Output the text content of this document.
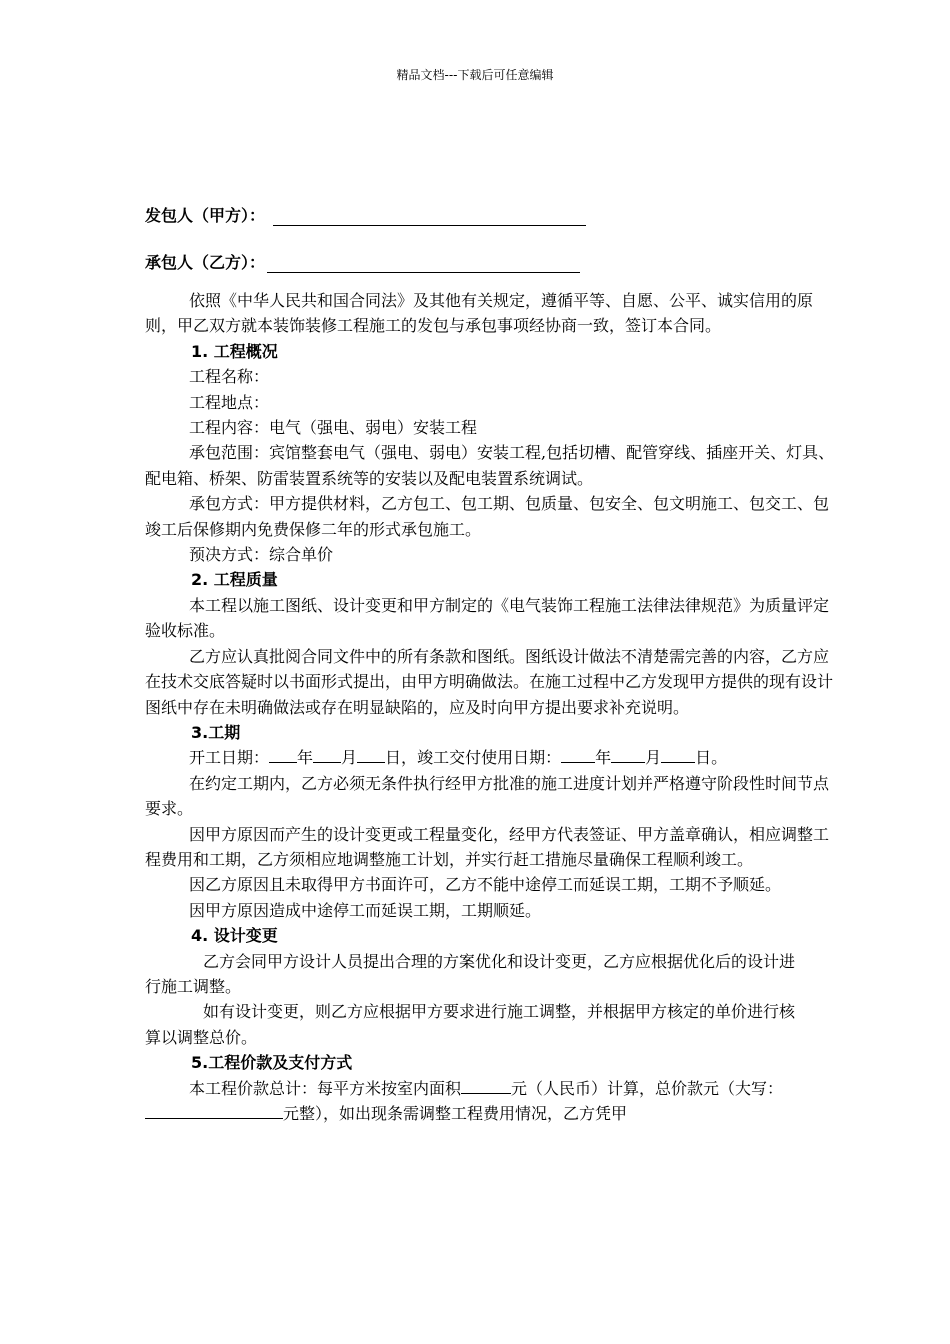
精品文档---下载后可任意编辑
发包人（甲方）：
承包人（乙方）：

依照《中华人民共和国合同法》及其他有关规定，遵循平等、自愿、公平、诚实信用的原则，甲乙双方就本装饰装修工程施工的发包与承包事项经协商一致，签订本合同。

1. 工程概况

工程名称：

工程地点：

工程内容：电气（强电、弱电）安装工程

承包范围：宾馆整套电气（强电、弱电）安装工程,包括切槽、配管穿线、插座开关、灯具、配电箱、桥架、防雷装置系统等的安装以及配电装置系统调试。

承包方式：甲方提供材料，乙方包工、包工期、包质量、包安全、包文明施工、包交工、包竣工后保修期内免费保修二年的形式承包施工。

预决方式：综合单价

2. 工程质量

本工程以施工图纸、设计变更和甲方制定的《电气装饰工程施工法律法律规范》为质量评定验收标准。

乙方应认真批阅合同文件中的所有条款和图纸。图纸设计做法不清楚需完善的内容，乙方应在技术交底答疑时以书面形式提出，由甲方明确做法。在施工过程中乙方发现甲方提供的现有设计图纸中存在未明确做法或存在明显缺陷的，应及时向甲方提出要求补充说明。

3.工期

开工日期： 年 月 日，竣工交付使用日期： 年 月 日。

在约定工期内，乙方必须无条件执行经甲方批准的施工进度计划并严格遵守阶段性时间节点要求。

因甲方原因而产生的设计变更或工程量变化，经甲方代表签证、甲方盖章确认，相应调整工程费用和工期，乙方须相应地调整施工计划，并实行赶工措施尽量确保工程顺利竣工。

因乙方原因且未取得甲方书面许可，乙方不能中途停工而延误工期，工期不予顺延。

因甲方原因造成中途停工而延误工期，工期顺延。

4. 设计变更

乙方会同甲方设计人员提出合理的方案优化和设计变更，乙方应根据优化后的设计进行施工调整。

如有设计变更，则乙方应根据甲方要求进行施工调整，并根据甲方核定的单价进行核算以调整总价。

5.工程价款及支付方式

本工程价款总计：每平方米按室内面积	元（人民币）计算，总价款元（大写：元整），如出现条需调整工程费用情况，乙方凭甲
